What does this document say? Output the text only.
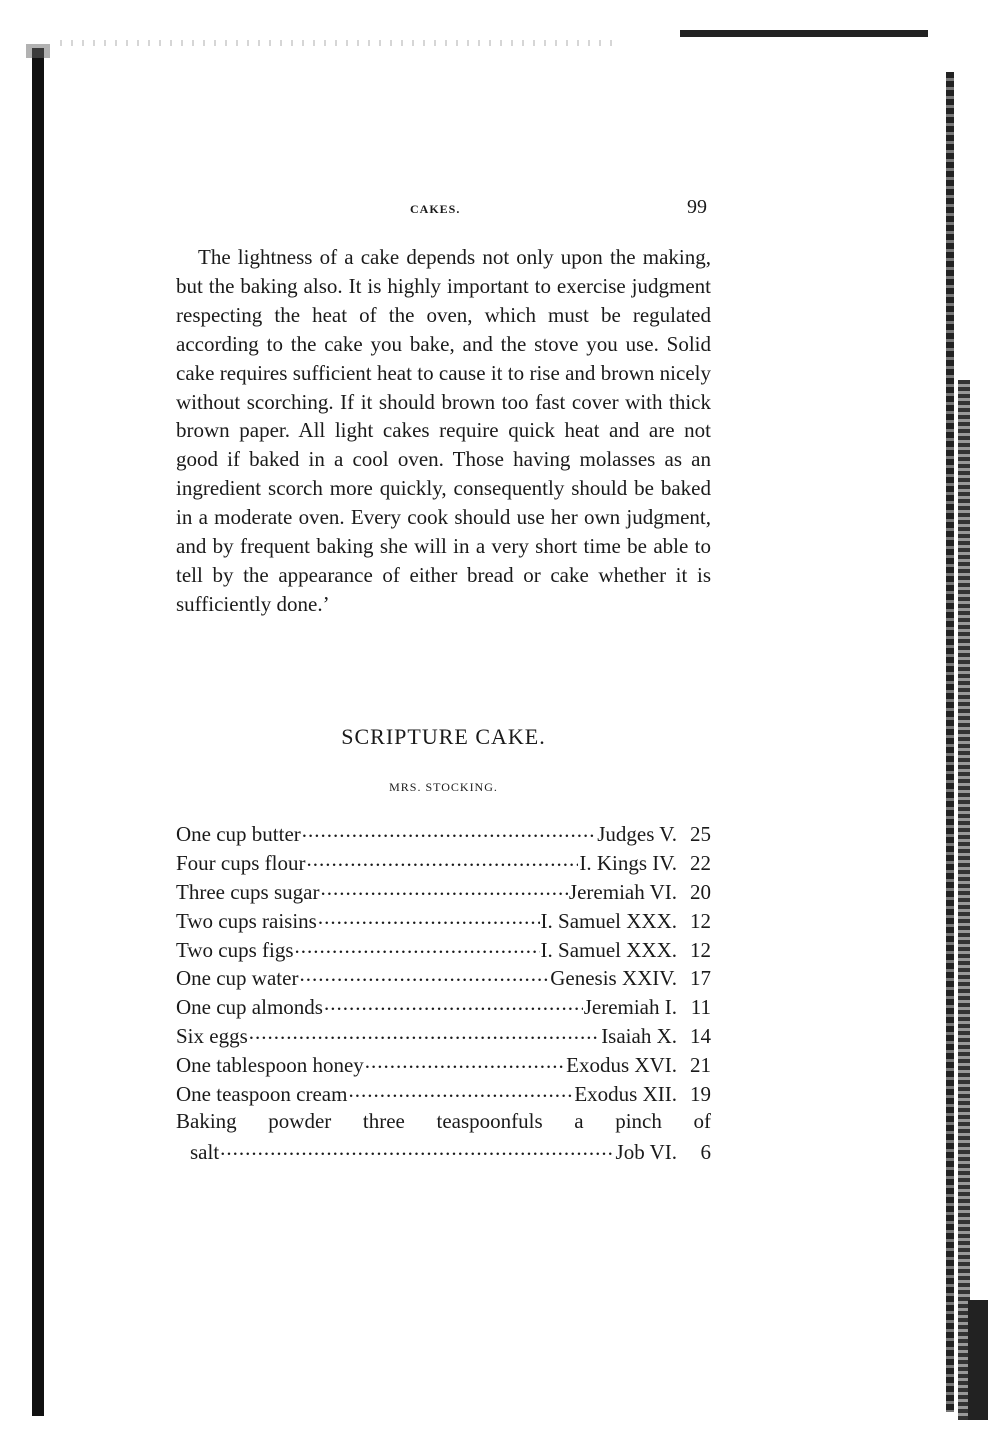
CAKES.	99

The lightness of a cake depends not only upon the making, but the baking also. It is highly important to exercise judgment respecting the heat of the oven, which must be regulated according to the cake you bake, and the stove you use. Solid cake requires sufficient heat to cause it to rise and brown nicely without scorching. If it should brown too fast cover with thick brown paper. All light cakes require quick heat and are not good if baked in a cool oven. Those having molasses as an ingredient scorch more quickly, consequently should be baked in a moderate oven. Every cook should use her own judgment, and by frequent baking she will in a very short time be able to tell by the appearance of either bread or cake whether it is sufficiently done.’

SCRIPTURE CAKE.
MRS. STOCKING.
One cup butter .....	Judges V. 25
Four cups flour .....	I. Kings IV. 22
Three cups sugar .....	Jeremiah VI. 20
Two cups raisins .....	I. Samuel XXX. 12
Two cups figs .....	I. Samuel XXX. 12
One cup water .....	Genesis XXIV. 17
One cup almonds .....	Jeremiah I. 11
Six eggs .....	Isaiah X. 14
One tablespoon honey .....	Exodus XVI. 21
One teaspoon cream .....	Exodus XII. 19
Baking powder three teaspoonfuls a pinch of
salt .....	Job VI.	6
